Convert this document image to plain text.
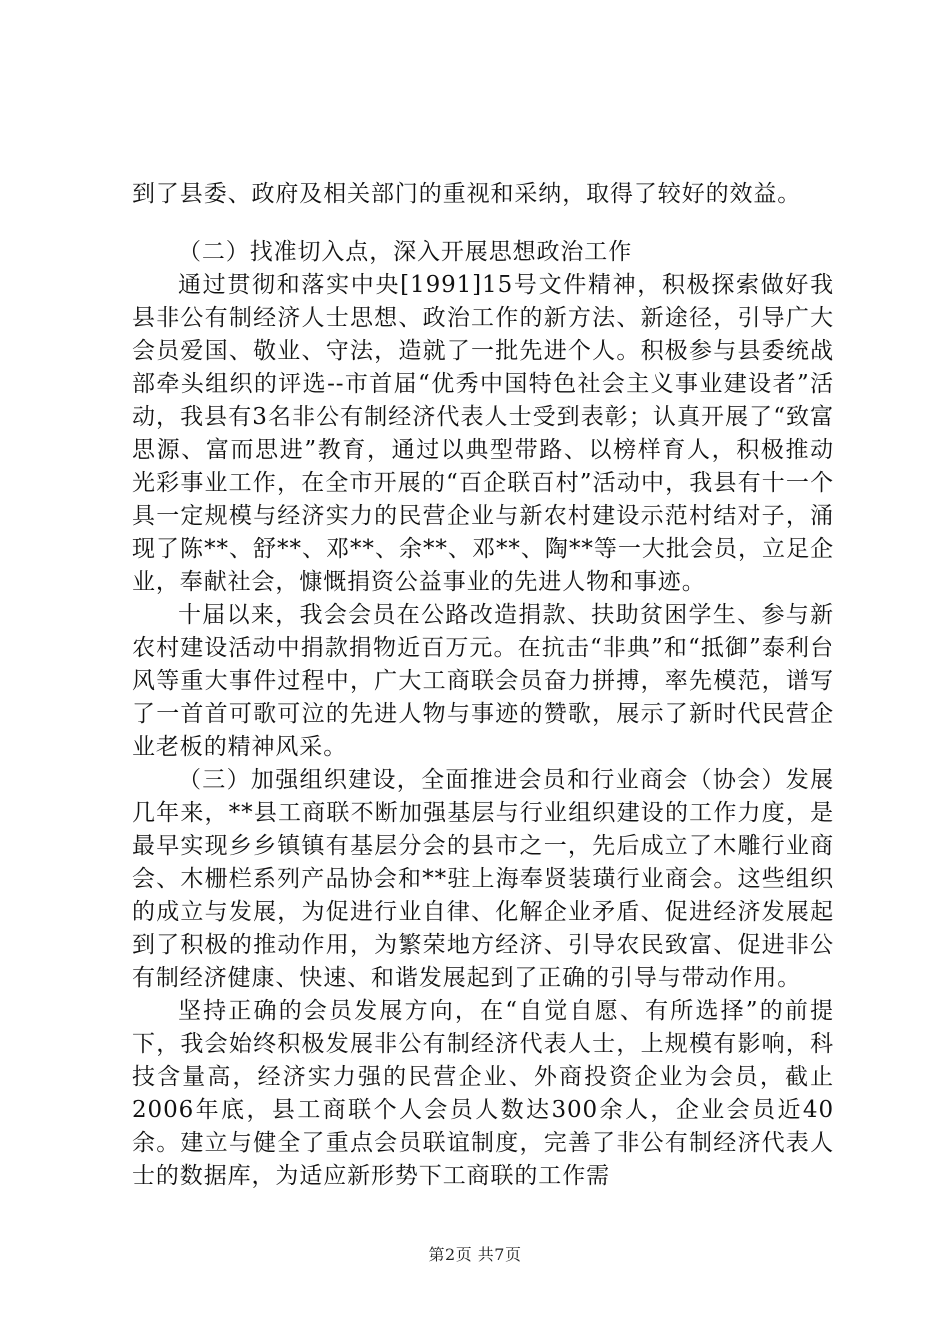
到了县委、政府及相关部门的重视和采纳，取得了较好的效益。

（二）找准切入点，深入开展思想政治工作

通过贯彻和落实中央[1991]15号文件精神，积极探索做好我县非公有制经济人士思想、政治工作的新方法、新途径，引导广大会员爱国、敬业、守法，造就了一批先进个人。积极参与县委统战部牵头组织的评选--市首届“优秀中国特色社会主义事业建设者”活动，我县有3名非公有制经济代表人士受到表彰；认真开展了“致富思源、富而思进”教育，通过以典型带路、以榜样育人，积极推动光彩事业工作，在全市开展的“百企联百村”活动中，我县有十一个具一定规模与经济实力的民营企业与新农村建设示范村结对子，涌现了陈**、舒**、邓**、余**、邓**、陶**等一大批会员，立足企业，奉献社会，慷慨捐资公益事业的先进人物和事迹。

十届以来，我会会员在公路改造捐款、扶助贫困学生、参与新农村建设活动中捐款捐物近百万元。在抗击“非典”和“抵御”泰利台风等重大事件过程中，广大工商联会员奋力拼搏，率先模范，谱写了一首首可歌可泣的先进人物与事迹的赞歌，展示了新时代民营企业老板的精神风采。

（三）加强组织建设，全面推进会员和行业商会（协会）发展几年来，**县工商联不断加强基层与行业组织建设的工作力度，是最早实现乡乡镇镇有基层分会的县市之一，先后成立了木雕行业商会、木栅栏系列产品协会和**驻上海奉贤装璜行业商会。这些组织的成立与发展，为促进行业自律、化解企业矛盾、促进经济发展起到了积极的推动作用，为繁荣地方经济、引导农民致富、促进非公有制经济健康、快速、和谐发展起到了正确的引导与带动作用。

坚持正确的会员发展方向，在“自觉自愿、有所选择”的前提下，我会始终积极发展非公有制经济代表人士，上规模有影响，科技含量高，经济实力强的民营企业、外商投资企业为会员，截止2006年底，县工商联个人会员人数达300余人，企业会员近40余。建立与健全了重点会员联谊制度，完善了非公有制经济代表人士的数据库，为适应新形势下工商联的工作需

第2页 共7页
